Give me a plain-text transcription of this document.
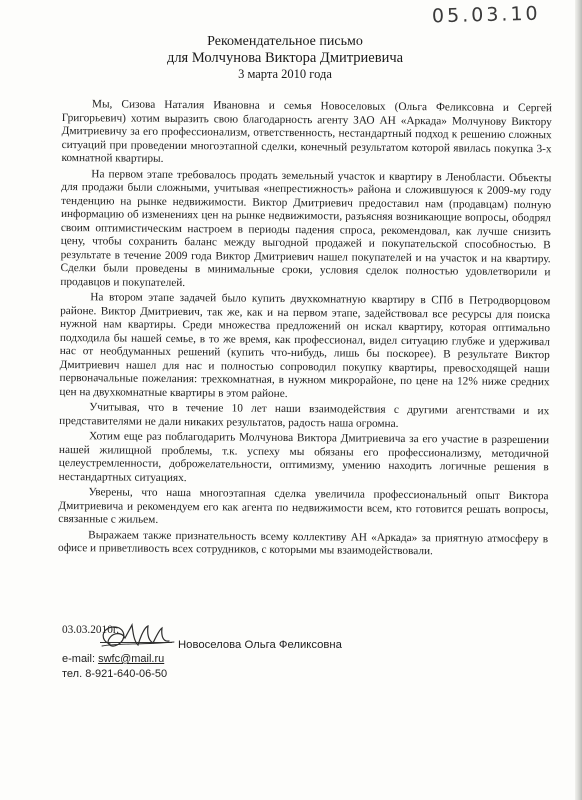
05.03.10
Рекомендательное письмо
для Молчунова Виктора Дмитриевича
3 марта 2010 года

Мы, Сизова Наталия Ивановна и семья Новоселовых (Ольга Феликсовна и Сергей Григорьевич) хотим выразить свою благодарность агенту ЗАО АН «Аркада» Молчунову Виктору Дмитриевичу за его профессионализм, ответственность, нестандартный подход к решению сложных ситуаций при проведении многоэтапной сделки, конечный результатом которой явилась покупка 3-х комнатной квартиры.

На первом этапе требовалось продать земельный участок и квартиру в Ленобласти. Объекты для продажи были сложными, учитывая «непрестижность» района и сложившуюся к 2009-му году тенденцию на рынке недвижимости. Виктор Дмитриевич предоставил нам (продавцам) полную информацию об изменениях цен на рынке недвижимости, разъясняя возникающие вопросы, ободрял своим оптимистическим настроем в периоды падения спроса, рекомендовал, как лучше снизить цену, чтобы сохранить баланс между выгодной продажей и покупательской способностью. В результате в течение 2009 года Виктор Дмитриевич нашел покупателей и на участок и на квартиру. Сделки были проведены в минимальные сроки, условия сделок полностью удовлетворили и продавцов и покупателей.

На втором этапе задачей было купить двухкомнатную квартиру в СПб в Петродворцовом районе. Виктор Дмитриевич, так же, как и на первом этапе, задействовал все ресурсы для поиска нужной нам квартиры. Среди множества предложений он искал квартиру, которая оптимально подходила бы нашей семье, в то же время, как профессионал, видел ситуацию глубже и удерживал нас от необдуманных решений (купить что-нибудь, лишь бы поскорее). В результате Виктор Дмитриевич нашел для нас и полностью сопроводил покупку квартиры, превосходящей наши первоначальные пожелания: трехкомнатная, в нужном микрорайоне, по цене на 12% ниже средних цен на двухкомнатные квартиры в этом районе.

Учитывая, что в течение 10 лет наши взаимодействия с другими агентствами и их представителями не дали никаких результатов, радость наша огромна.

Хотим еще раз поблагодарить Молчунова Виктора Дмитриевича за его участие в разрешении нашей жилищной проблемы, т.к. успеху мы обязаны его профессионализму, методичной целеустремленности, доброжелательности, оптимизму, умению находить логичные решения в нестандартных ситуациях.

Уверены, что наша многоэтапная сделка увеличила профессиональный опыт Виктора Дмитриевича и рекомендуем его как агента по недвижимости всем, кто готовится решать вопросы, связанные с жильем.

Выражаем также признательность всему коллективу АН «Аркада» за приятную атмосферу в офисе и приветливость всех сотрудников, с которыми мы взаимодействовали.

03.03.2010г.
Новоселова Ольга Феликсовна
e-mail: swfc@mail.ru
тел. 8-921-640-06-50
